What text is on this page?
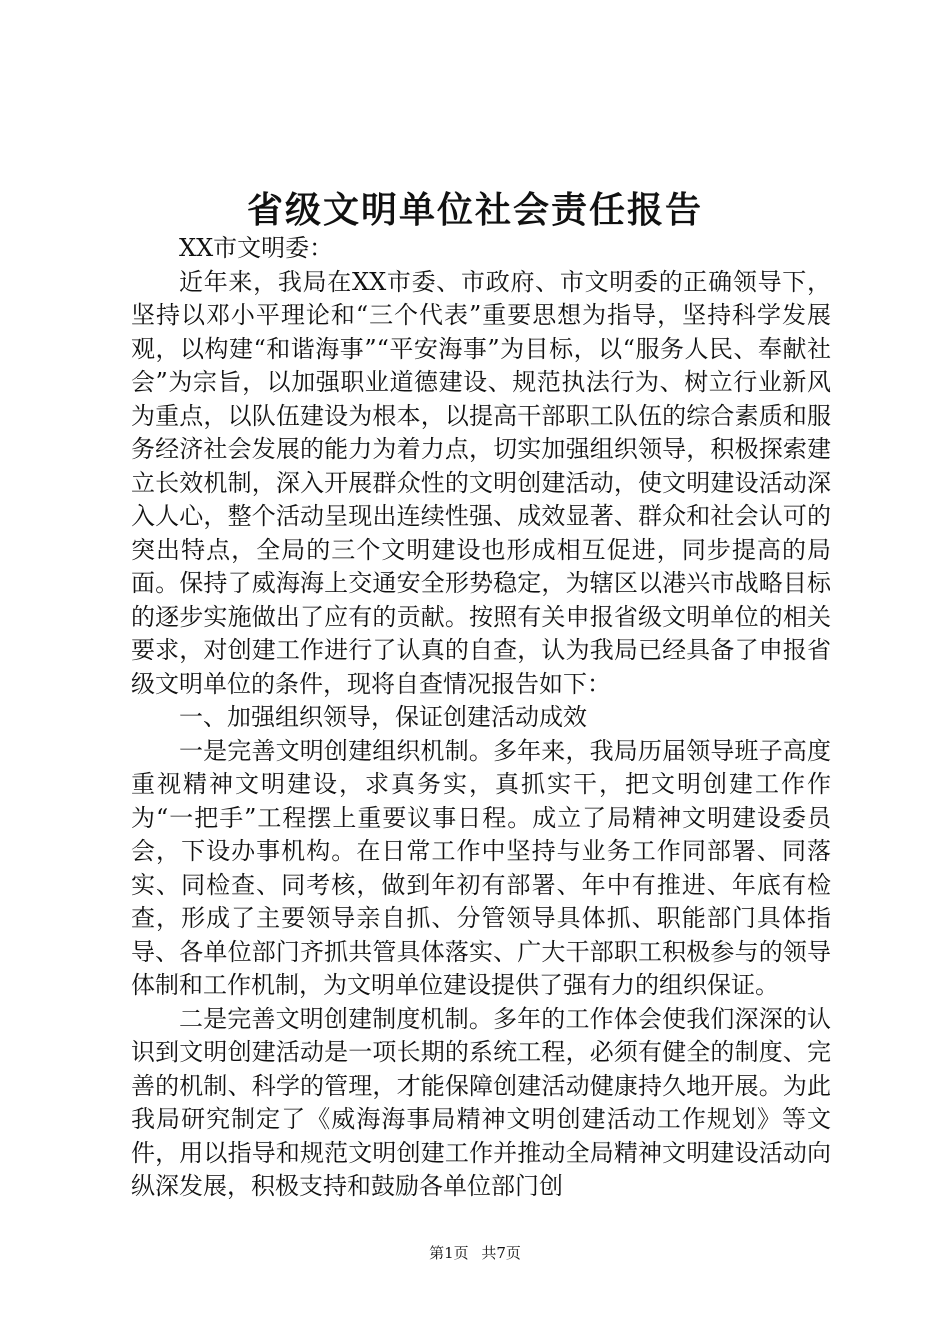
省级文明单位社会责任报告

XX市文明委：

近年来，我局在XX市委、市政府、市文明委的正确领导下，坚持以邓小平理论和“三个代表”重要思想为指导，坚持科学发展观，以构建“和谐海事”“平安海事”为目标，以“服务人民、奉献社会”为宗旨，以加强职业道德建设、规范执法行为、树立行业新风为重点，以队伍建设为根本，以提高干部职工队伍的综合素质和服务经济社会发展的能力为着力点，切实加强组织领导，积极探索建立长效机制，深入开展群众性的文明创建活动，使文明建设活动深入人心，整个活动呈现出连续性强、成效显著、群众和社会认可的突出特点，全局的三个文明建设也形成相互促进，同步提高的局面。保持了威海海上交通安全形势稳定，为辖区以港兴市战略目标的逐步实施做出了应有的贡献。按照有关申报省级文明单位的相关要求，对创建工作进行了认真的自查，认为我局已经具备了申报省级文明单位的条件，现将自查情况报告如下：

一、加强组织领导，保证创建活动成效

一是完善文明创建组织机制。多年来，我局历届领导班子高度重视精神文明建设，求真务实，真抓实干，把文明创建工作作为“一把手”工程摆上重要议事日程。成立了局精神文明建设委员会，下设办事机构。在日常工作中坚持与业务工作同部署、同落实、同检查、同考核，做到年初有部署、年中有推进、年底有检查，形成了主要领导亲自抓、分管领导具体抓、职能部门具体指导、各单位部门齐抓共管具体落实、广大干部职工积极参与的领导体制和工作机制，为文明单位建设提供了强有力的组织保证。

二是完善文明创建制度机制。多年的工作体会使我们深深的认识到文明创建活动是一项长期的系统工程，必须有健全的制度、完善的机制、科学的管理，才能保障创建活动健康持久地开展。为此我局研究制定了《威海海事局精神文明创建活动工作规划》等文件，用以指导和规范文明创建工作并推动全局精神文明建设活动向纵深发展，积极支持和鼓励各单位部门创

第1页 共7页
